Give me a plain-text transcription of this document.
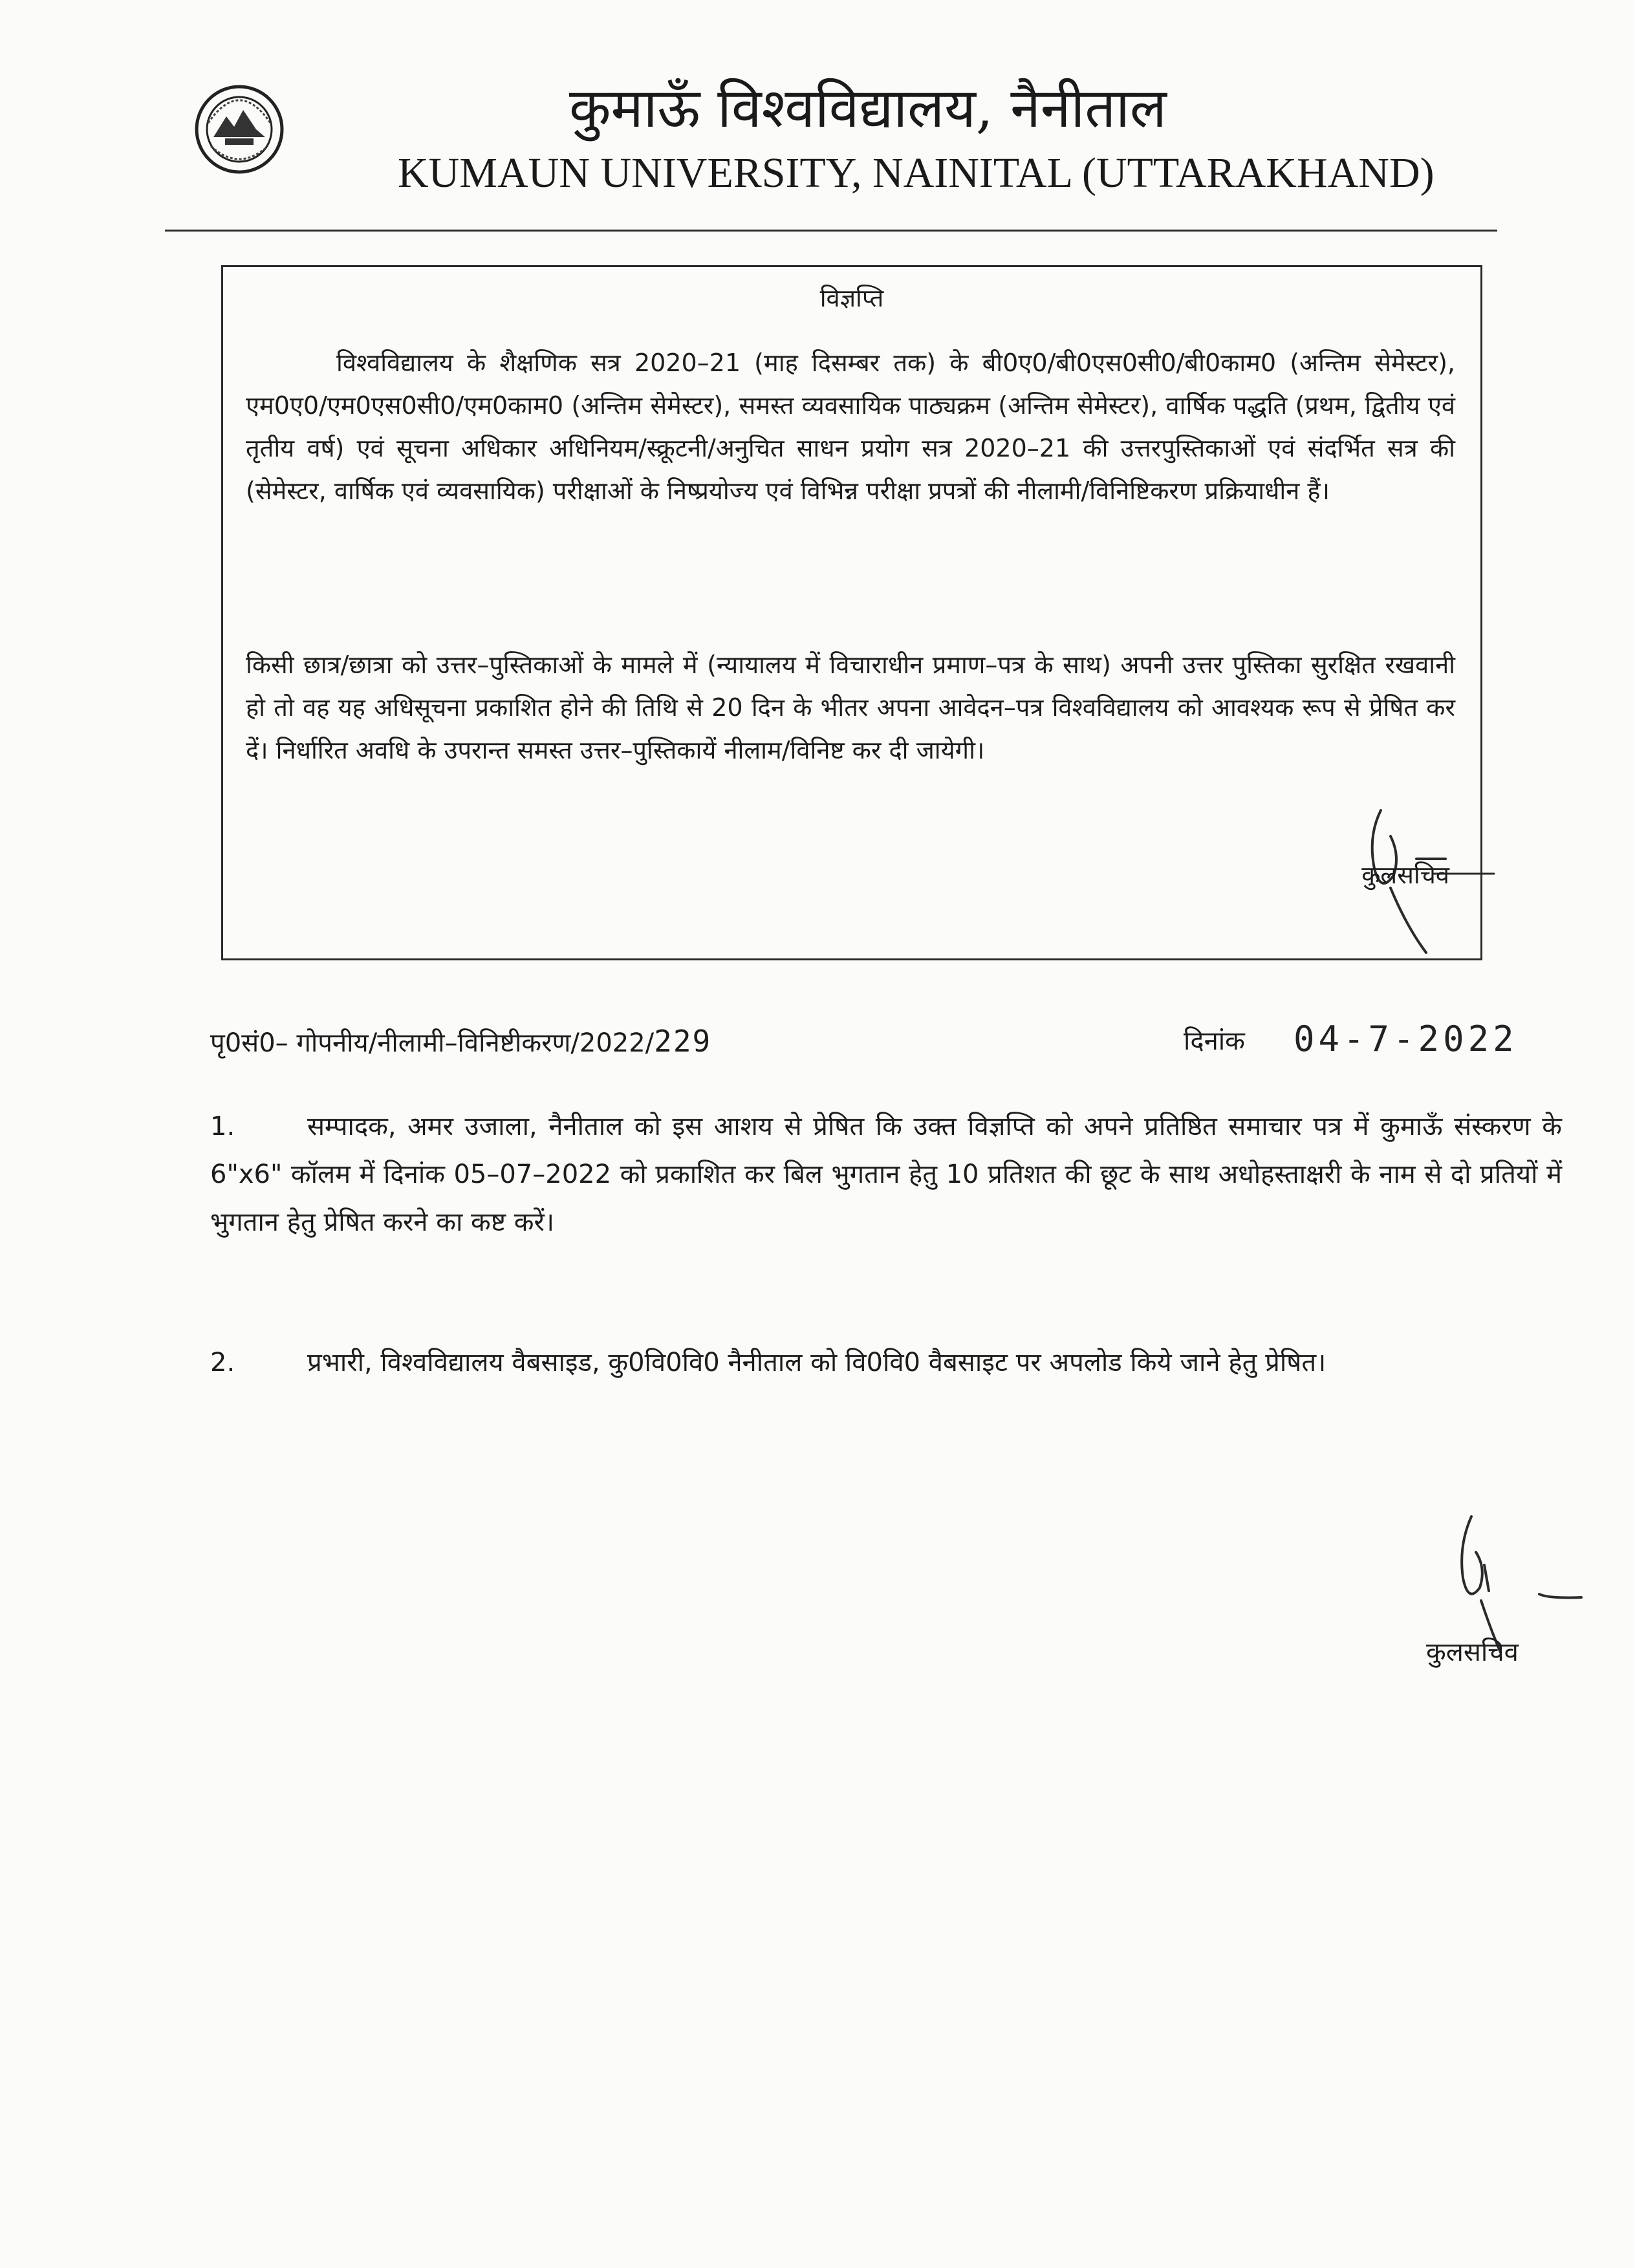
कुमाऊँ विश्वविद्यालय, नैनीताल
KUMAUN UNIVERSITY, NAINITAL (UTTARAKHAND)
विज्ञप्ति

विश्वविद्यालय के शैक्षणिक सत्र 2020–21 (माह दिसम्बर तक) के बी0ए0/बी0एस0सी0/बी0काम0 (अन्तिम सेमेस्टर), एम0ए0/एम0एस0सी0/एम0काम0 (अन्तिम सेमेस्टर), समस्त व्यवसायिक पाठ्यक्रम (अन्तिम सेमेस्टर), वार्षिक पद्धति (प्रथम, द्वितीय एवं तृतीय वर्ष) एवं सूचना अधिकार अधिनियम/स्क्रूटनी/अनुचित साधन प्रयोग सत्र 2020–21 की उत्तरपुस्तिकाओं एवं संदर्भित सत्र की (सेमेस्टर, वार्षिक एवं व्यवसायिक) परीक्षाओं के निष्प्रयोज्य एवं विभिन्न परीक्षा प्रपत्रों की नीलामी/विनिष्टिकरण प्रक्रियाधीन हैं।

किसी छात्र/छात्रा को उत्तर–पुस्तिकाओं के मामले में (न्यायालय में विचाराधीन प्रमाण–पत्र के साथ) अपनी उत्तर पुस्तिका सुरक्षित रखवानी हो तो वह यह अधिसूचना प्रकाशित होने की तिथि से 20 दिन के भीतर अपना आवेदन–पत्र विश्वविद्यालय को आवश्यक रूप से प्रेषित कर दें। निर्धारित अवधि के उपरान्त समस्त उत्तर–पुस्तिकायें नीलाम/विनिष्ट कर दी जायेगी।

कुलसचिव
पृ0सं0– गोपनीय/नीलामी–विनिष्टीकरण/2022/229	दिनांक 04-7-2022

1.	सम्पादक, अमर उजाला, नैनीताल को इस आशय से प्रेषित कि उक्त विज्ञप्ति को अपने प्रतिष्ठित समाचार पत्र में कुमाऊँ संस्करण के 6"x6" कॉलम में दिनांक 05–07–2022 को प्रकाशित कर बिल भुगतान हेतु 10 प्रतिशत की छूट के साथ अधोहस्ताक्षरी के नाम से दो प्रतियों में भुगतान हेतु प्रेषित करने का कष्ट करें।

2.	प्रभारी, विश्वविद्यालय वैबसाइड, कु0वि0वि0 नैनीताल को वि0वि0 वैबसाइट पर अपलोड किये जाने हेतु प्रेषित।

कुलसचिव
